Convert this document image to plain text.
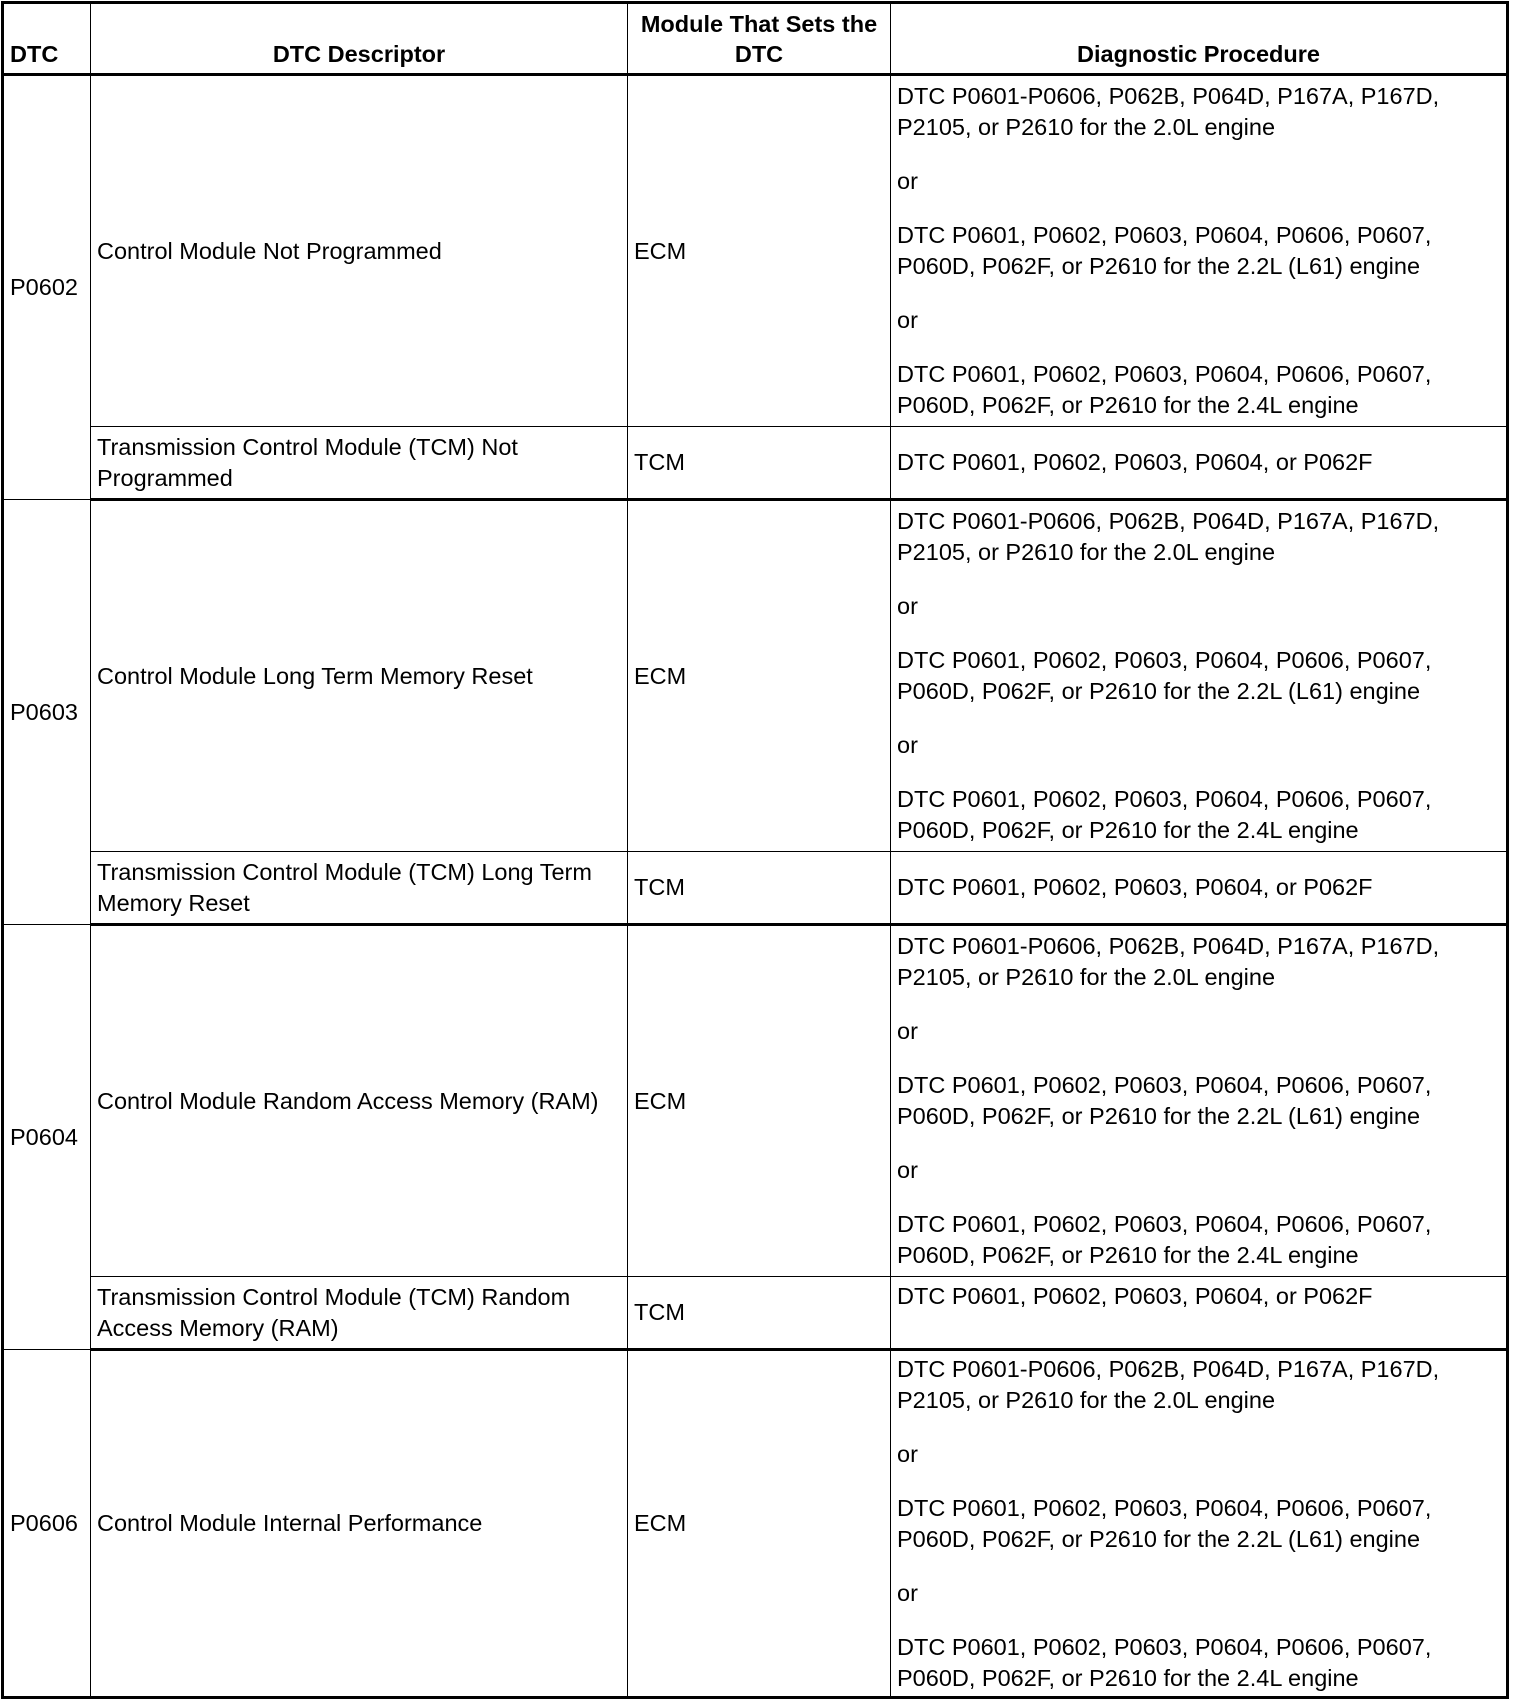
DTC	DTC Descriptor	Module That Sets the DTC	Diagnostic Procedure
P0602	Control Module Not Programmed	ECM	DTC P0601-P0606, P062B, P064D, P167A, P167D, P2105, or P2610 for the 2.0L engine

or

DTC P0601, P0602, P0603, P0604, P0606, P0607, P060D, P062F, or P2610 for the 2.2L (L61) engine

or

DTC P0601, P0602, P0603, P0604, P0606, P0607, P060D, P062F, or P2610 for the 2.4L engine

	Transmission Control Module (TCM) Not Programmed	TCM	DTC P0601, P0602, P0603, P0604, or P062F
P0603	Control Module Long Term Memory Reset	ECM	DTC P0601-P0606, P062B, P064D, P167A, P167D, P2105, or P2610 for the 2.0L engine

or

DTC P0601, P0602, P0603, P0604, P0606, P0607, P060D, P062F, or P2610 for the 2.2L (L61) engine

or

DTC P0601, P0602, P0603, P0604, P0606, P0607, P060D, P062F, or P2610 for the 2.4L engine

	Transmission Control Module (TCM) Long Term Memory Reset	TCM	DTC P0601, P0602, P0603, P0604, or P062F
P0604	Control Module Random Access Memory (RAM)	ECM	DTC P0601-P0606, P062B, P064D, P167A, P167D, P2105, or P2610 for the 2.0L engine

or

DTC P0601, P0602, P0603, P0604, P0606, P0607, P060D, P062F, or P2610 for the 2.2L (L61) engine

or

DTC P0601, P0602, P0603, P0604, P0606, P0607, P060D, P062F, or P2610 for the 2.4L engine

	Transmission Control Module (TCM) Random Access Memory (RAM)	TCM	DTC P0601, P0602, P0603, P0604, or P062F
P0606	Control Module Internal Performance	ECM	DTC P0601-P0606, P062B, P064D, P167A, P167D, P2105, or P2610 for the 2.0L engine

or

DTC P0601, P0602, P0603, P0604, P0606, P0607, P060D, P062F, or P2610 for the 2.2L (L61) engine

or

DTC P0601, P0602, P0603, P0604, P0606, P0607, P060D, P062F, or P2610 for the 2.4L engine
